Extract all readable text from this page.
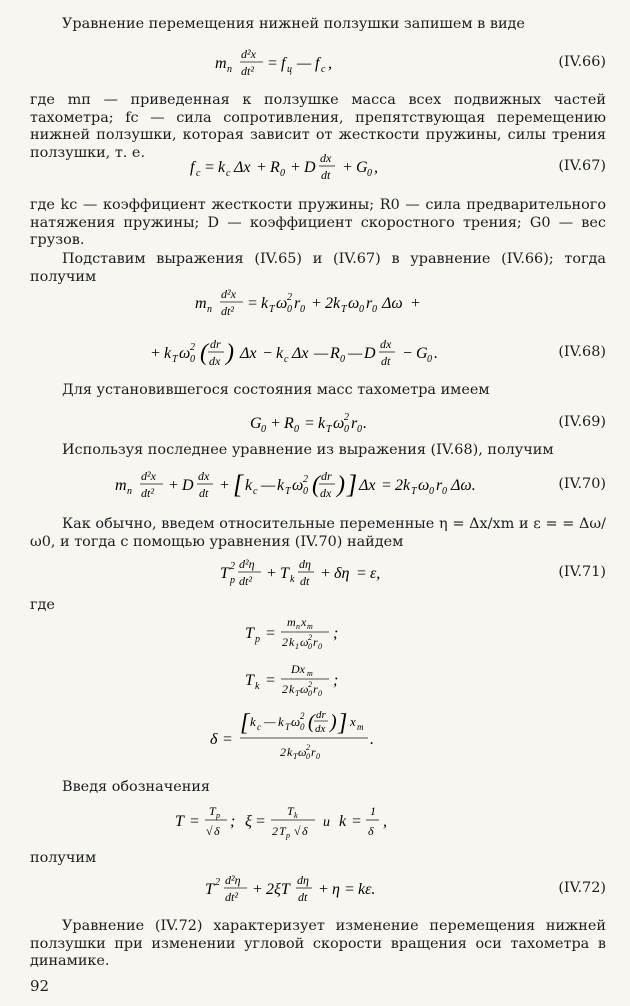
Уравнение перемещения нижней ползушки запишем в виде
m п
d²x
dt² = f ц — f с ,	(IV.66)
где mп — приведенная к ползушке масса всех подвижных частей тахометра; fс — сила сопротивления, препятствующая перемещению нижней ползушки, которая зависит от жесткости пружины, силы трения ползушки, т. е.
f c = k c Δx + R 0 + D
dx
dt + G 0 ,	(IV.67)
где kc — коэффициент жесткости пружины; R0 — сила предварительного натяжения пружины; D — коэффициент скоростного трения; G0 — вес грузов.
Подставим выражения (IV.65) и (IV.67) в уравнение (IV.66); тогда получим
m п
d²x
dt² = k Т ω 2
0 r 0 + 2 k Т ω 0 r 0 Δω +
+ k Т ω 2
0 ( dr
dx ) Δx − k c Δx — R 0 — D
dx
dt − G 0 .	(IV.68)
Для установившегося состояния масс тахометра имеем
G 0 + R 0 = k Т ω 2
0 r 0 .	(IV.69)
Используя последнее уравнение из выражения (IV.68), получим
m п
d²x
dt² + D
dx
dt + [ k c — k Т ω 2
0 ( dr
dx ) ] Δx = 2 k Т ω 0 r 0 Δω.	(IV.70)
Как обычно, введем относительные переменные η = Δx/xm и ε = = Δω/ω0, и тогда с помощью уравнения (IV.70) найдем
T 2
р
d²η
dt² + T k
dη
dt + δη = ε,	(IV.71)
где
T р =
m п x m
2 k 1 ω 2
0 r 0
;
T k =
Dx m
2 k Т ω 2
0 r 0
;
δ =
[ k c — k Т ω 2
0 ( dr
dx ) ] x m
2 k Т ω 2
0 r 0
.
Введя обозначения
T =
T р
√ δ
; ξ =
T k
2 T р √ δ
и k =
1
δ
,
получим
T 2 d²η
dt² + 2 ξT
dη
dt + η = kε.	(IV.72)
Уравнение (IV.72) характеризует изменение перемещения нижней ползушки при изменении угловой скорости вращения оси тахометра в динамике.
92
